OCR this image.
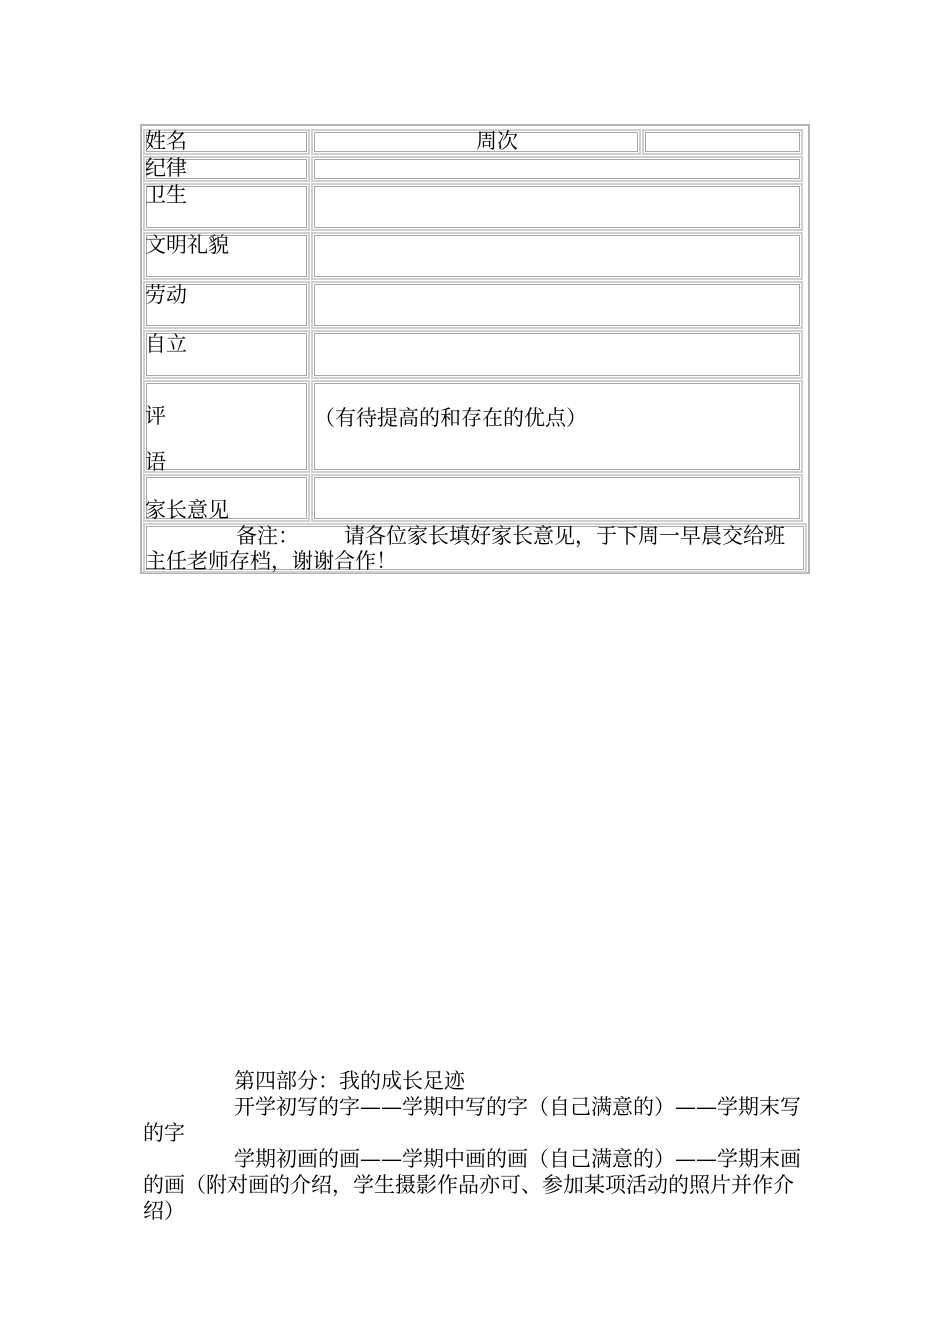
姓名	周次
纪律
卫生
文明礼貌
劳动
自立
评
语
（有待提高的和存在的优点）
家长意见
备注： 请各位家长填好家长意见，于下周一早晨交给班
主任老师存档，谢谢合作！

第四部分：我的成长足迹

开学初写的字——学期中写的字（自己满意的）——学期末写的字

学期初画的画——学期中画的画（自己满意的）——学期末画的画（附对画的介绍，学生摄影作品亦可、参加某项活动的照片并作介绍）
